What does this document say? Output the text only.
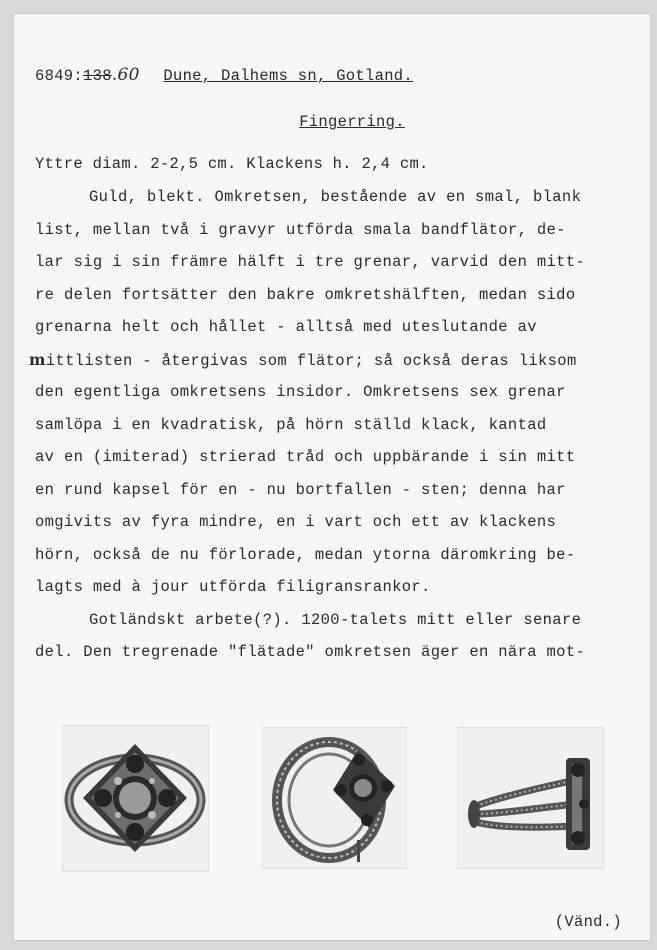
6849:138.60 Dune, Dalhems sn, Gotland.
Fingerring.
Yttre diam. 2-2,5 cm. Klackens h. 2,4 cm.
Guld, blekt. Omkretsen, bestående av en smal, blank
list, mellan två i gravyr utförda smala bandflätor, de-
lar sig i sin främre hälft i tre grenar, varvid den mitt-
re delen fortsätter den bakre omkretshälften, medan sido
grenarna helt och hållet - alltså med uteslutande av
mittlisten - återgivas som flätor; så också deras liksom
den egentliga omkretsens insidor. Omkretsens sex grenar
samlöpa i en kvadratisk, på hörn ställd klack, kantad
av en (imiterad) strierad tråd och uppbärande i sin mitt
en rund kapsel för en - nu bortfallen - sten; denna har
omgivits av fyra mindre, en i vart och ett av klackens
hörn, också de nu förlorade, medan ytorna däromkring be-
lagts med à jour utförda filigransrankor.
Gotländskt arbete(?). 1200-talets mitt eller senare
del. Den tregrenade "flätade" omkretsen äger en nära mot-
(Vänd.)
